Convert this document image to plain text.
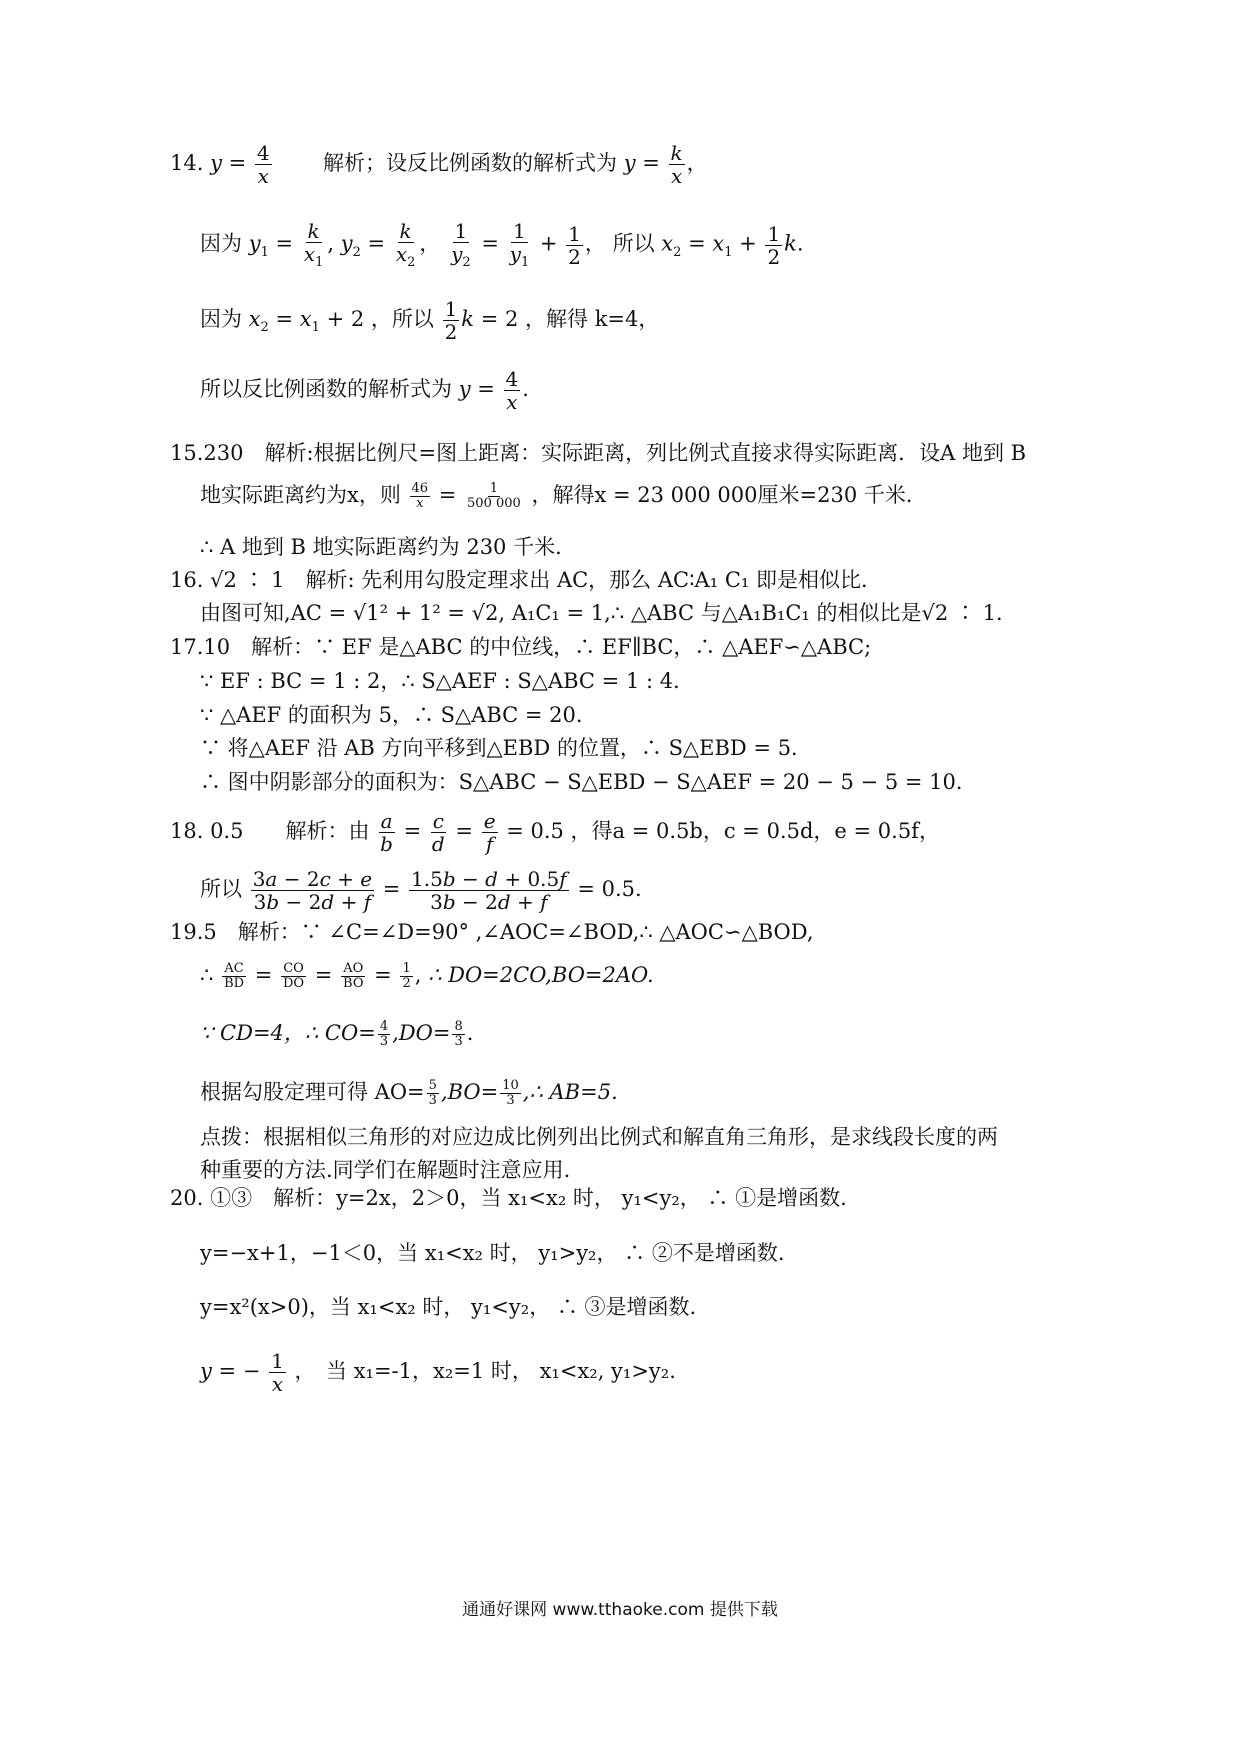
14. $y = \frac{4}{x}$ 解析；设反比例函数的解析式为 $y = \frac{k}{x}$ ，
因为 $y_1 = \frac{k}{x_1}$ , $y_2 = \frac{k}{x_2}$ ， $\frac{1}{y_2} = \frac{1}{y_1} + \frac{1}{2}$ ， 所以 $x_2 = x_1 + \frac{1}{2} k$.
因为 $x_2 = x_1 + 2$ ，所以 $\frac{1}{2}$ k = 2 ，解得 k=4，
所以反比例函数的解析式为 $y = \frac{4}{x}$ .
15.230　解析:根据比例尺=图上距离：实际距离，列比例式直接求得实际距离．设A 地到 B
地实际距离约为x，则 $\frac{46}{x} = \frac{1}{500 000}$ ，解得x = 23 000 000厘米=230 千米．
∴ A 地到 B 地实际距离约为 230 千米．
16. √2 ∶ 1　解析: 先利用勾股定理求出 AC，那么 AC∶A₁ C₁ 即是相似比．
由图可知,AC = √1² + 1² = √2, A₁C₁ = 1,∴ △ABC 与△A₁B₁C₁ 的相似比是√2 ∶ 1．
17.10　解析：∵ EF 是△ABC 的中位线，∴ EF∥BC，∴ △AEF∽△ABC;
∵ EF : BC = 1 : 2，∴ S△AEF : S△ABC = 1 : 4．
∵ △AEF 的面积为 5，∴ S△ABC = 20．
∵ 将△AEF 沿 AB 方向平移到△EBD 的位置，∴ S△EBD = 5．
∴ 图中阴影部分的面积为：S△ABC − S△EBD − S△AEF = 20 − 5 − 5 = 10．
18. 0.5　　解析：由 $\frac{a}{b} = \frac{c}{d} = \frac{e}{f} = 0.5$ ，得a = 0.5b，c = 0.5d，e = 0.5f，
所以 $\frac{3a - 2c + e}{3b - 2d + f} = \frac{1.5b - d + 0.5f}{3b - 2d + f} = 0.5$.
19.5　解析：∵ ∠C=∠D=90° ,∠AOC=∠BOD,∴ △AOC∽△BOD,
∴ $\frac{AC}{BD} = \frac{CO}{DO} = \frac{AO}{BO} = \frac{1}{2}$ , ∴ DO=2CO,BO=2AO.
∵ CD=4，∴ $CO= \frac{4}{3} ,DO= \frac{8}{3}$ .
根据勾股定理可得 $AO= \frac{5}{3} ,BO= \frac{10}{3}$ ,∴ AB=5.
点拨：根据相似三角形的对应边成比例列出比例式和解直角三角形，是求线段长度的两
种重要的方法.同学们在解题时注意应用.
20. ①③　解析：y=2x，2＞0，当 x₁<x₂ 时， y₁<y₂， ∴ ①是增函数.
y=−x+1，−1＜0，当 x₁<x₂ 时， y₁>y₂， ∴ ②不是增函数.
y=x²(x>0)，当 x₁<x₂ 时， y₁<y₂， ∴ ③是增函数.
y = − $\frac{1}{x}$ ，　当 x₁=-1，x₂=1 时， x₁<x₂, y₁>y₂.
通通好课网 www.tthaoke.com 提供下载
